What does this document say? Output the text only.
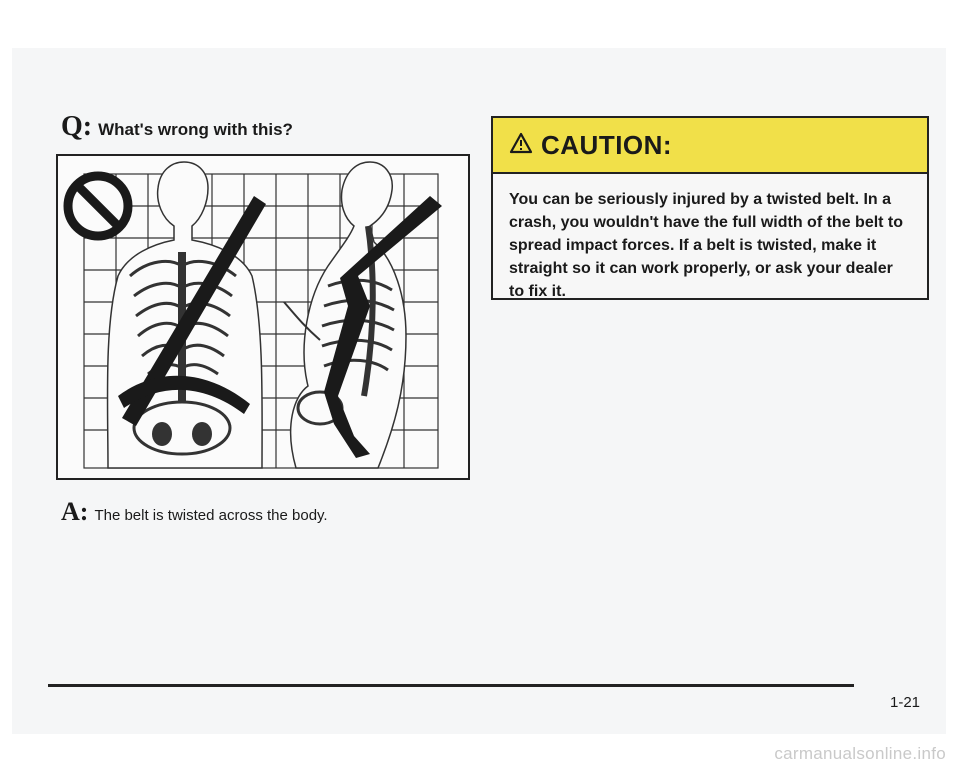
Q: What's wrong with this?
A: The belt is twisted across the body.
CAUTION:
You can be seriously injured by a twisted belt. In a crash, you wouldn't have the full width of the belt to spread impact forces. If a belt is twisted, make it straight so it can work properly, or ask your dealer to fix it.
1-21
carmanualsonline.info
